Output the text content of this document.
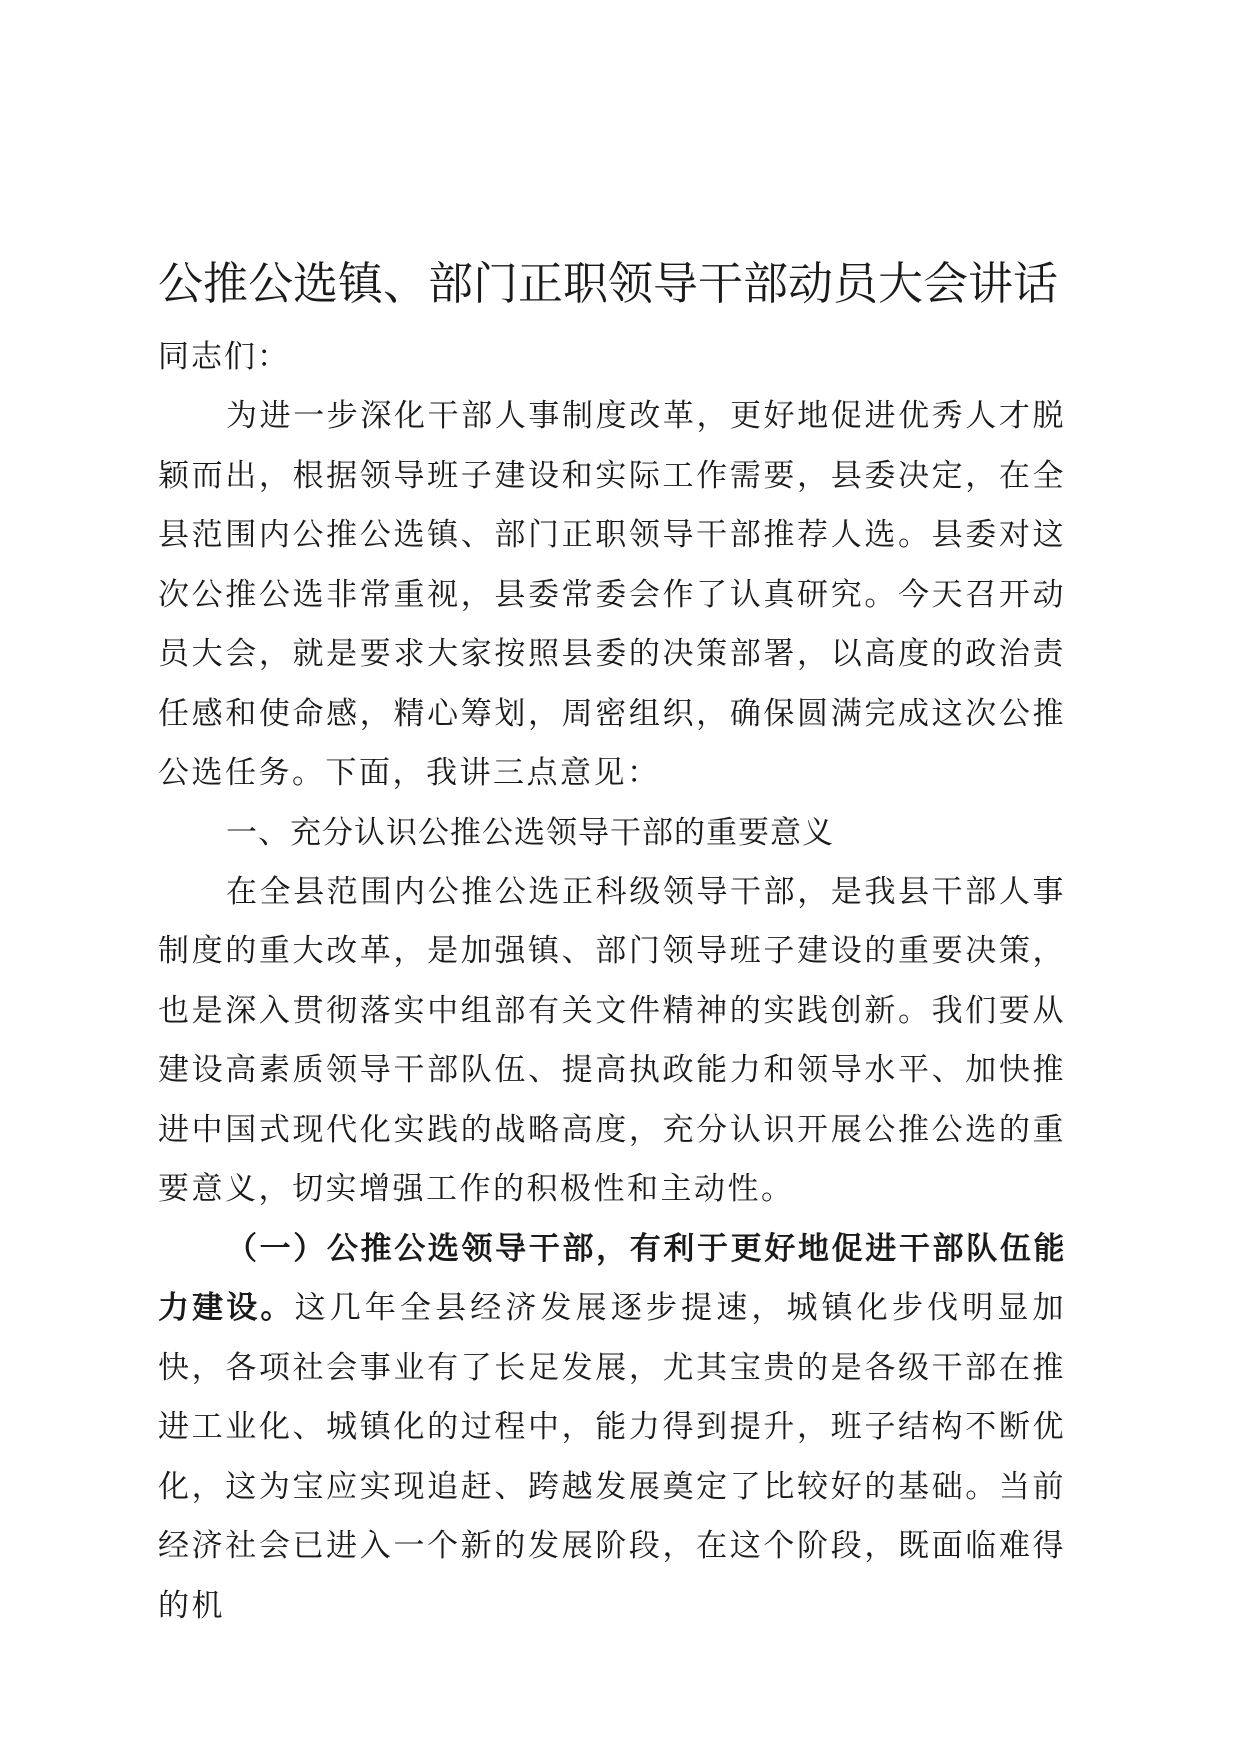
公推公选镇、部门正职领导干部动员大会讲话

同志们：

为进一步深化干部人事制度改革，更好地促进优秀人才脱颖而出，根据领导班子建设和实际工作需要，县委决定，在全县范围内公推公选镇、部门正职领导干部推荐人选。县委对这次公推公选非常重视，县委常委会作了认真研究。今天召开动员大会，就是要求大家按照县委的决策部署，以高度的政治责任感和使命感，精心筹划，周密组织，确保圆满完成这次公推公选任务。下面，我讲三点意见：

一、充分认识公推公选领导干部的重要意义

在全县范围内公推公选正科级领导干部，是我县干部人事制度的重大改革，是加强镇、部门领导班子建设的重要决策，也是深入贯彻落实中组部有关文件精神的实践创新。我们要从建设高素质领导干部队伍、提高执政能力和领导水平、加快推进中国式现代化实践的战略高度，充分认识开展公推公选的重要意义，切实增强工作的积极性和主动性。

（一）公推公选领导干部，有利于更好地促进干部队伍能力建设。这几年全县经济发展逐步提速，城镇化步伐明显加快，各项社会事业有了长足发展，尤其宝贵的是各级干部在推进工业化、城镇化的过程中，能力得到提升，班子结构不断优化，这为宝应实现追赶、跨越发展奠定了比较好的基础。当前经济社会已进入一个新的发展阶段，在这个阶段，既面临难得的机
